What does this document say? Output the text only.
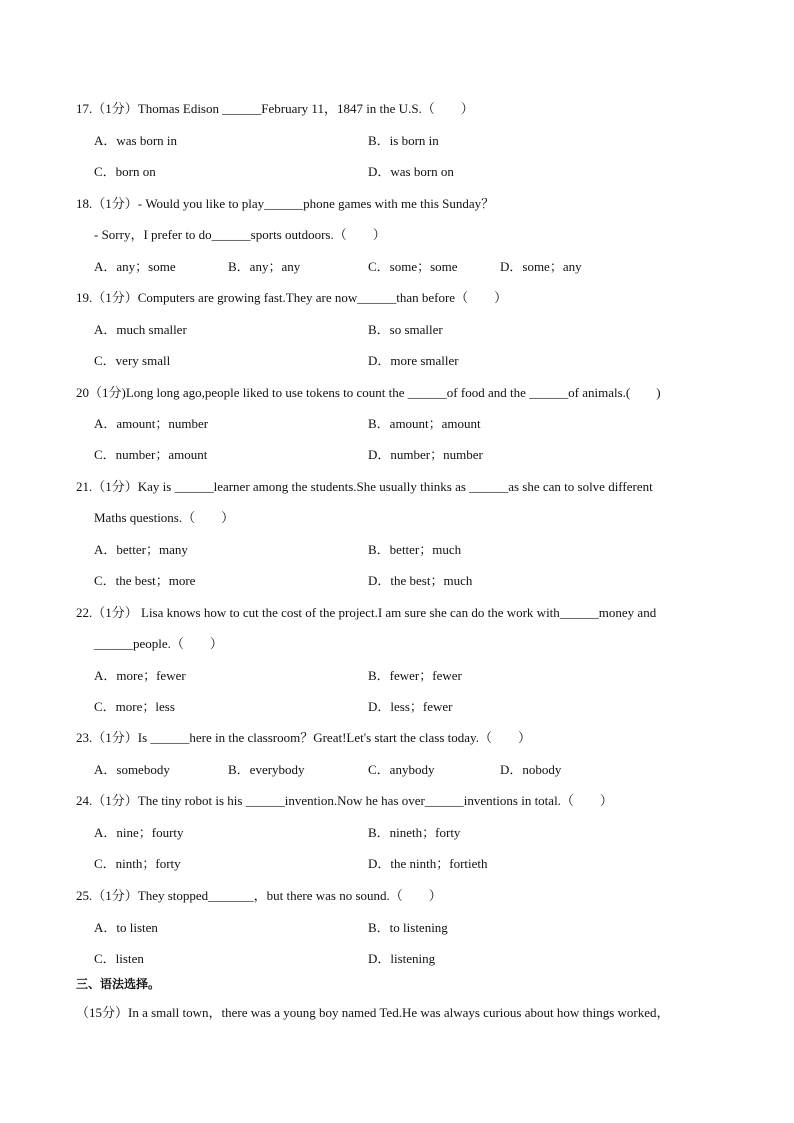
17.（1分）Thomas Edison ______February 11，1847 in the U.S.（　　）
A．was born in	B．is born in
C．born on	D．was born on
18.（1分）- Would you like to play______phone games with me this Sunday？
- Sorry，I prefer to do______sports outdoors.（　　）
A．any；some	B．any；any	C．some；some	D．some；any
19.（1分）Computers are growing fast.They are now______than before（　　）
A．much smaller	B．so smaller
C．very small	D．more smaller
20（1分)Long long ago,people liked to use tokens to count the ______of food and the ______of animals.(　　)
A．amount；number	B．amount；amount
C．number；amount	D．number；number
21.（1分）Kay is ______learner among the students.She usually thinks as ______as she can to solve different
Maths questions.（　　）
A．better；many	B．better；much
C．the best；more	D．the best；much
22.（1分） Lisa knows how to cut the cost of the project.I am sure she can do the work with______money and
______people.（　　）
A．more；fewer	B．fewer；fewer
C．more；less	D．less；fewer
23.（1分）Is ______here in the classroom？Great!Let's start the class today.（　　）
A．somebody	B．everybody	C．anybody	D．nobody
24.（1分）The tiny robot is his ______invention.Now he has over______inventions in total.（　　）
A．nine；fourty	B．nineth；forty
C．ninth；forty	D．the ninth；fortieth
25.（1分）They stopped_______，but there was no sound.（　　）
A．to listen	B．to listening
C．listen	D．listening
三、语法选择。
（15分）In a small town，there was a young boy named Ted.He was always curious about how things worked，
